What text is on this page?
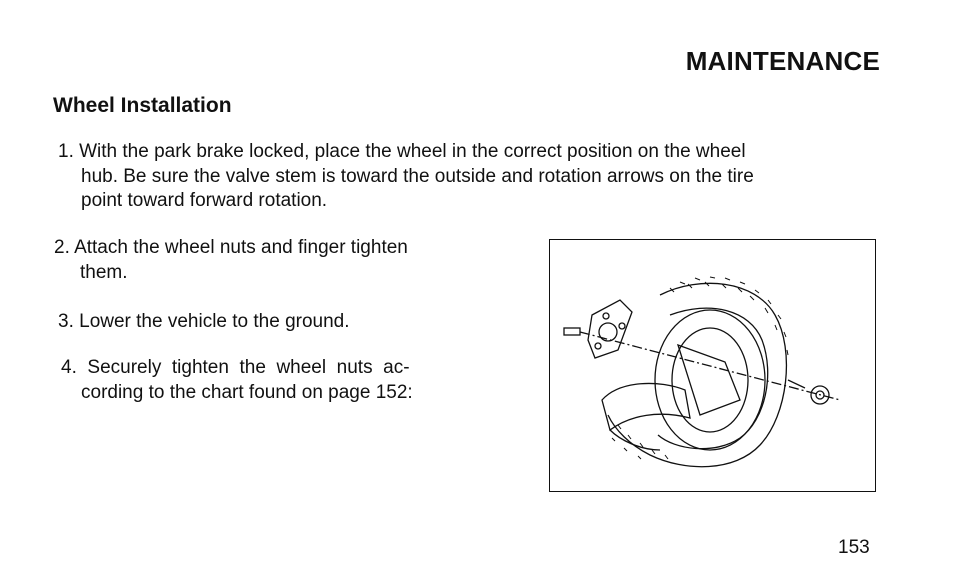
MAINTENANCE
Wheel Installation
1. With the park brake locked, place the wheel in the correct position on the wheel
hub. Be sure the valve stem is toward the outside and rotation arrows on the tire
point toward forward rotation.
2. Attach the wheel nuts and finger tighten
them.
3. Lower the vehicle to the ground.
4.  Securely  tighten  the  wheel  nuts  ac-
cording to the chart found on page 152:
153
